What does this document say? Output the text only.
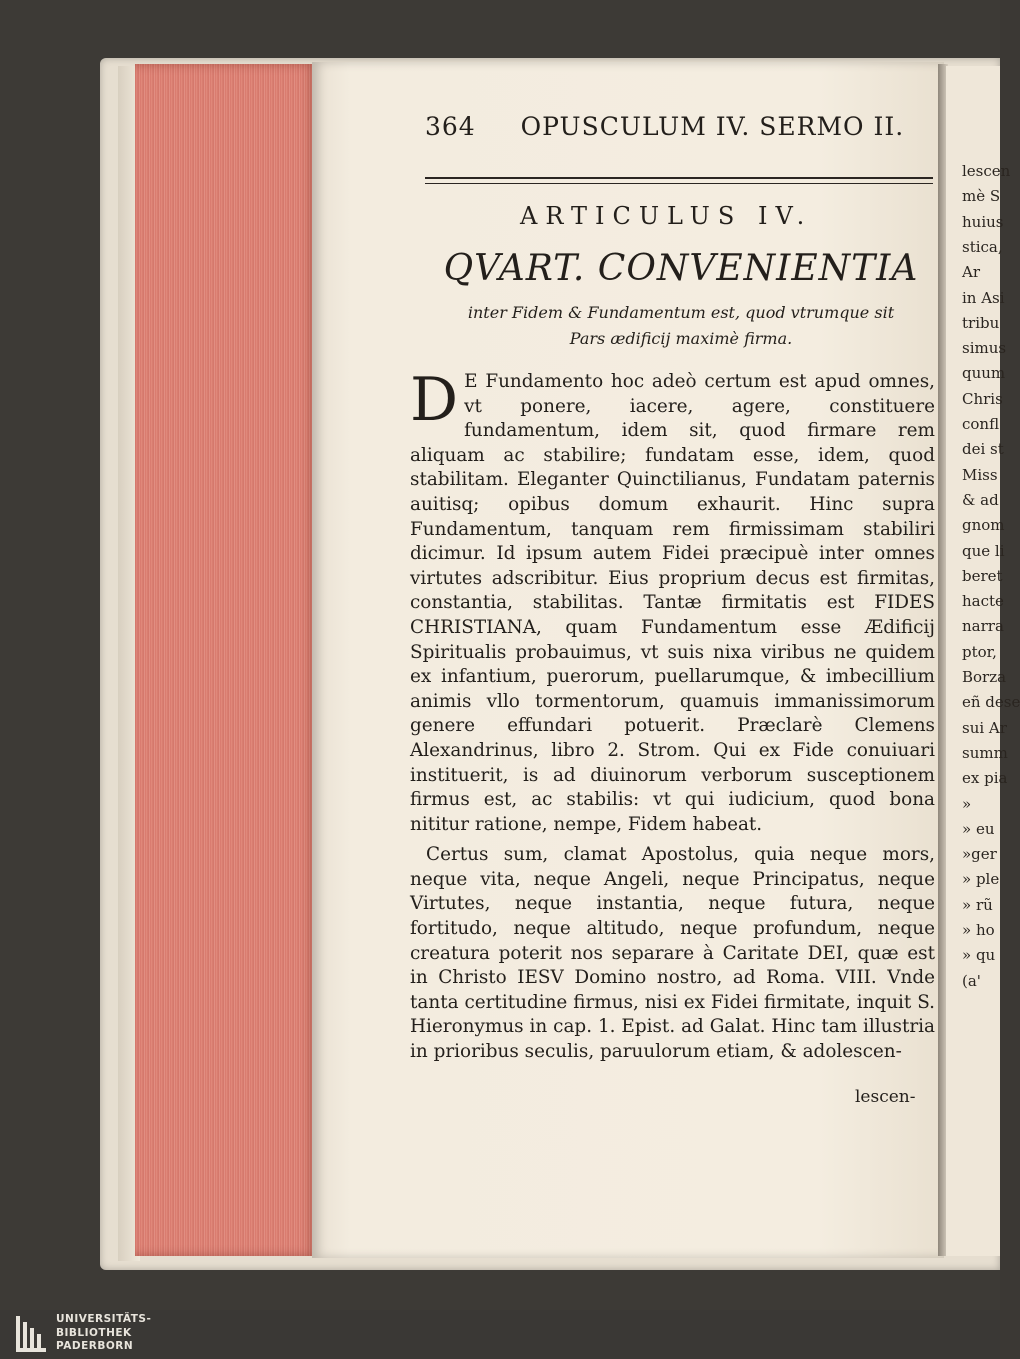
lescen
mè S
huius
stica,
Ar
in Asi
tribu
simus
quum
Chris
confl
dei st
Miss
& ad
gnom
que li
beret
hacte
narra
ptor,
Borza
eñ dese
sui Ar
summ
ex pia
»
» eu
»ger
» ple
» rũ
» ho
» qu
(a'
364 OPUSCULUM IV. SERMO II.
ARTICULUS IV.
QVART. CONVENIENTIA
inter Fidem & Fundamentum est, quod vtrumque sit
Pars ædificij maximè firma.

D E Fundamento hoc adeò certum est apud omnes, vt ponere, iacere, agere, constituere fundamentum, idem sit, quod firmare rem aliquam ac stabilire; fundatam esse, idem, quod stabilitam. Eleganter Quinctilianus, Fundatam paternis auitisq; opibus domum exhaurit. Hinc supra Fundamentum, tanquam rem firmissimam stabiliri dicimur. Id ipsum autem Fidei præcipuè inter omnes virtutes adscribitur. Eius proprium decus est firmitas, constantia, stabilitas. Tantæ firmitatis est FIDES CHRISTIANA, quam Fundamentum esse Ædificij Spiritualis probauimus, vt suis nixa viribus ne quidem ex infantium, puerorum, puellarumque, & imbecillium animis vllo tormentorum, quamuis immanissimorum genere effundari potuerit. Præclarè Clemens Alexandrinus, libro 2. Strom. Qui ex Fide conuiuari instituerit, is ad diuinorum verborum susceptionem firmus est, ac stabilis: vt qui iudicium, quod bona nititur ratione, nempe, Fidem habeat.

Certus sum, clamat Apostolus, quia neque mors, neque vita, neque Angeli, neque Principatus, neque Virtutes, neque instantia, neque futura, neque fortitudo, neque altitudo, neque profundum, neque creatura poterit nos separare à Caritate DEI, quæ est in Christo IESV Domino nostro, ad Roma. VIII. Vnde tanta certitudine firmus, nisi ex Fidei firmitate, inquit S. Hieronymus in cap. 1. Epist. ad Galat. Hinc tam illustria in prioribus seculis, paruulorum etiam, & adolescen-

lescen-
UNIVERSITÄTS-
BIBLIOTHEK
PADERBORN
